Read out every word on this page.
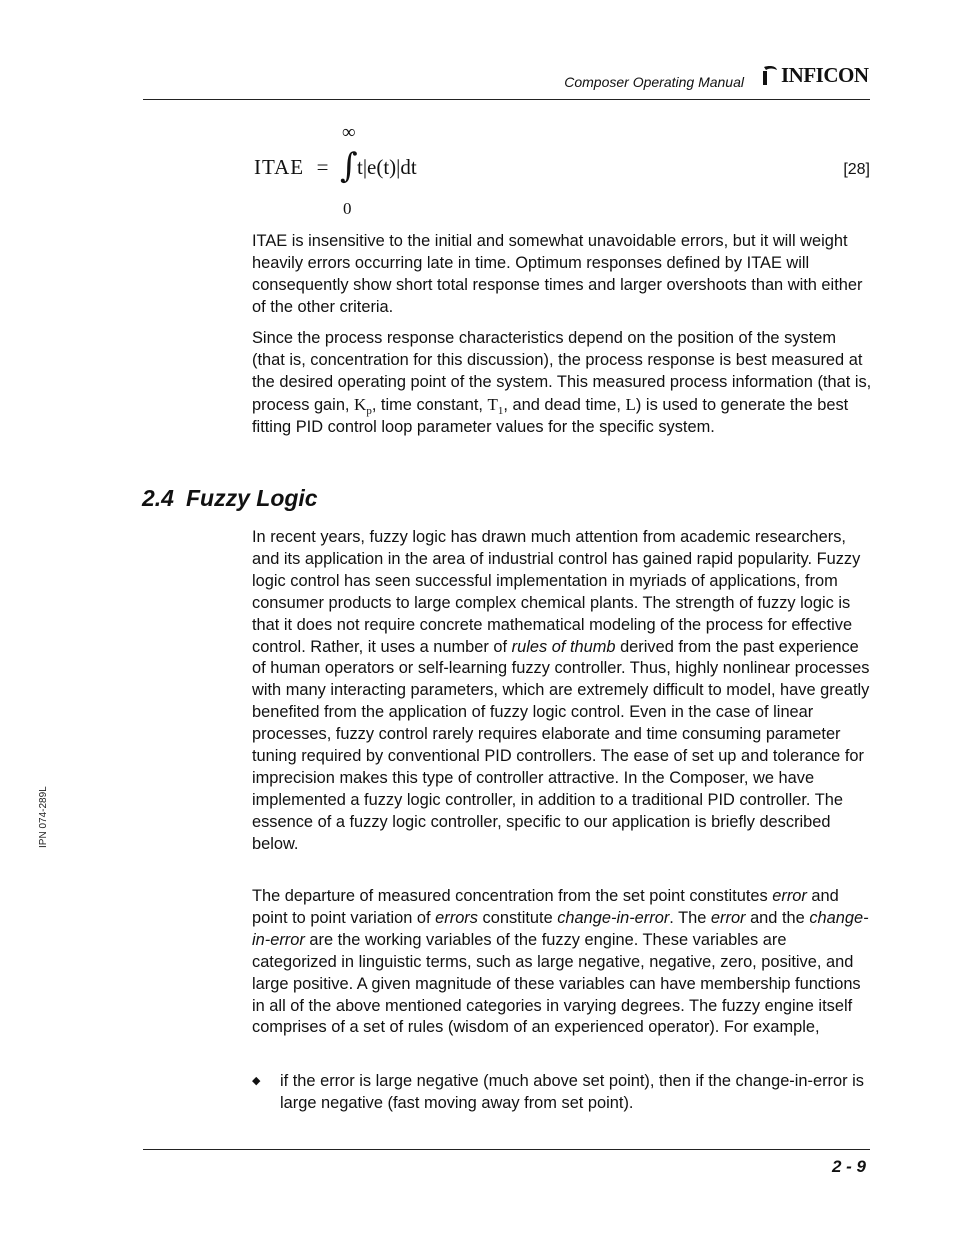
Composer Operating Manual INFICON
ITAE  =
∞
∫
0
t|e(t)|dt	[28]

ITAE is insensitive to the initial and somewhat unavoidable errors, but it will weight heavily errors occurring late in time. Optimum responses defined by ITAE will consequently show short total response times and larger overshoots than with either of the other criteria.

Since the process response characteristics depend on the position of the system (that is, concentration for this discussion), the process response is best measured at the desired operating point of the system. This measured process information (that is, process gain, $K_p$, time constant, $T_1$, and dead time, L) is used to generate the best fitting PID control loop parameter values for the specific system.

2.4 Fuzzy Logic

In recent years, fuzzy logic has drawn much attention from academic researchers, and its application in the area of industrial control has gained rapid popularity. Fuzzy logic control has seen successful implementation in myriads of applications, from consumer products to large complex chemical plants. The strength of fuzzy logic is that it does not require concrete mathematical modeling of the process for effective control. Rather, it uses a number of rules of thumb derived from the past experience of human operators or self-learning fuzzy controller. Thus, highly nonlinear processes with many interacting parameters, which are extremely difficult to model, have greatly benefited from the application of fuzzy logic control. Even in the case of linear processes, fuzzy control rarely requires elaborate and time consuming parameter tuning required by conventional PID controllers. The ease of set up and tolerance for imprecision makes this type of controller attractive. In the Composer, we have implemented a fuzzy logic controller, in addition to a traditional PID controller. The essence of a fuzzy logic controller, specific to our application is briefly described below.

The departure of measured concentration from the set point constitutes error and point to point variation of errors constitute change-in-error. The error and the change-in-error are the working variables of the fuzzy engine. These variables are categorized in linguistic terms, such as large negative, negative, zero, positive, and large positive. A given magnitude of these variables can have membership functions in all of the above mentioned categories in varying degrees. The fuzzy engine itself comprises of a set of rules (wisdom of an experienced operator). For example,

◆ if the error is large negative (much above set point), then if the change-in-error is large negative (fast moving away from set point).
2 - 9
IPN 074-289L
